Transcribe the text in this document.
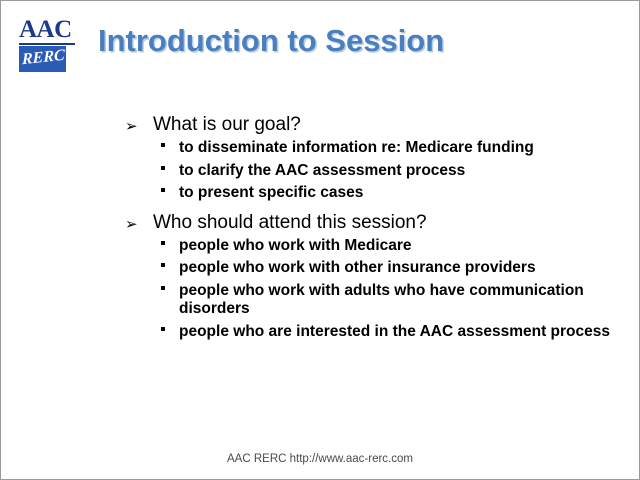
AAC
RERC Introduction to Session
➢ What is our goal?
to disseminate information re: Medicare funding
to clarify the AAC assessment process
to present specific cases
➢ Who should attend this session?
people who work with Medicare
people who work with other insurance providers
people who work with adults who have communication disorders
people who are interested in the AAC assessment process
AAC RERC http://www.aac-rerc.com
